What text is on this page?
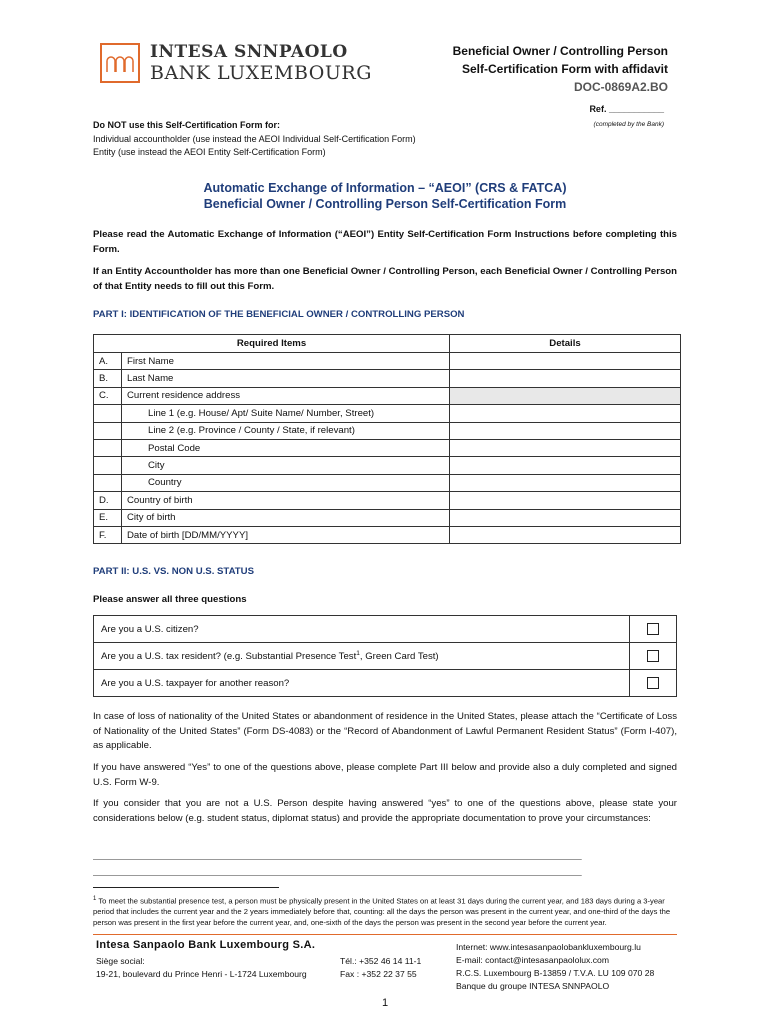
INTESA SNNPAOLO
BANK LUXEMBOURG
Beneficial Owner / Controlling Person
Self-Certification Form with affidavit
DOC-0869A2.BO
Ref. ___________
(completed by the Bank)
Do NOT use this Self-Certification Form for:
Individual accountholder (use instead the AEOI Individual Self-Certification Form)
Entity (use instead the AEOI Entity Self-Certification Form)
Automatic Exchange of Information – “AEOI” (CRS & FATCA)
Beneficial Owner / Controlling Person Self-Certification Form
Please read the Automatic Exchange of Information (“AEOI”) Entity Self-Certification Form Instructions before completing this Form.
If an Entity Accountholder has more than one Beneficial Owner / Controlling Person, each Beneficial Owner / Controlling Person of that Entity needs to fill out this Form.
PART I: IDENTIFICATION OF THE BENEFICIAL OWNER / CONTROLLING PERSON
Required Items		Details
A.	First Name	
B.	Last Name	
C.	Current residence address	
	Line 1 (e.g. House/ Apt/ Suite Name/ Number, Street)	
	Line 2 (e.g. Province / County / State, if relevant)	
	Postal Code	
	City	
	Country	
D.	Country of birth	
E.	City of birth	
F.	Date of birth [DD/MM/YYYY]	
PART II: U.S. VS. NON U.S. STATUS
Please answer all three questions
Are you a U.S. citizen?	
Are you a U.S. tax resident? (e.g. Substantial Presence Test$^1$, Green Card Test)	
Are you a U.S. taxpayer for another reason?	
In case of loss of nationality of the United States or abandonment of residence in the United States, please attach the “Certificate of Loss of Nationality of the United States” (Form DS-4083) or the “Record of Abandonment of Lawful Permanent Resident Status” (Form I-407), as applicable.
If you have answered “Yes” to one of the questions above, please complete Part III below and provide also a duly completed and signed U.S. Form W-9.
If you consider that you are not a U.S. Person despite having answered “yes” to one of the questions above, please state your considerations below (e.g. student status, diplomat status) and provide the appropriate documentation to prove your circumstances:
__________________________________________________________________________________________________________
__________________________________________________________________________________________________________
$^1$ To meet the substantial presence test, a person must be physically present in the United States on at least 31 days during the current year, and 183 days during a 3-year period that includes the current year and the 2 years immediately before that, counting: all the days the person was present in the current year, and one-third of the days the person was present in the first year before the current year, and, one-sixth of the days the person was present in the second year before the current year.
Intesa Sanpaolo Bank Luxembourg S.A.
Siège social:
19-21, boulevard du Prince Henri - L-1724 Luxembourg
Tél.: +352 46 14 11-1
Fax : +352 22 37 55
Internet: www.intesasanpaolobankluxembourg.lu
E-mail: contact@intesasanpaololux.com
R.C.S. Luxembourg B-13859 / T.V.A. LU 109 070 28
Banque du groupe INTESA SNNPAOLO
1
